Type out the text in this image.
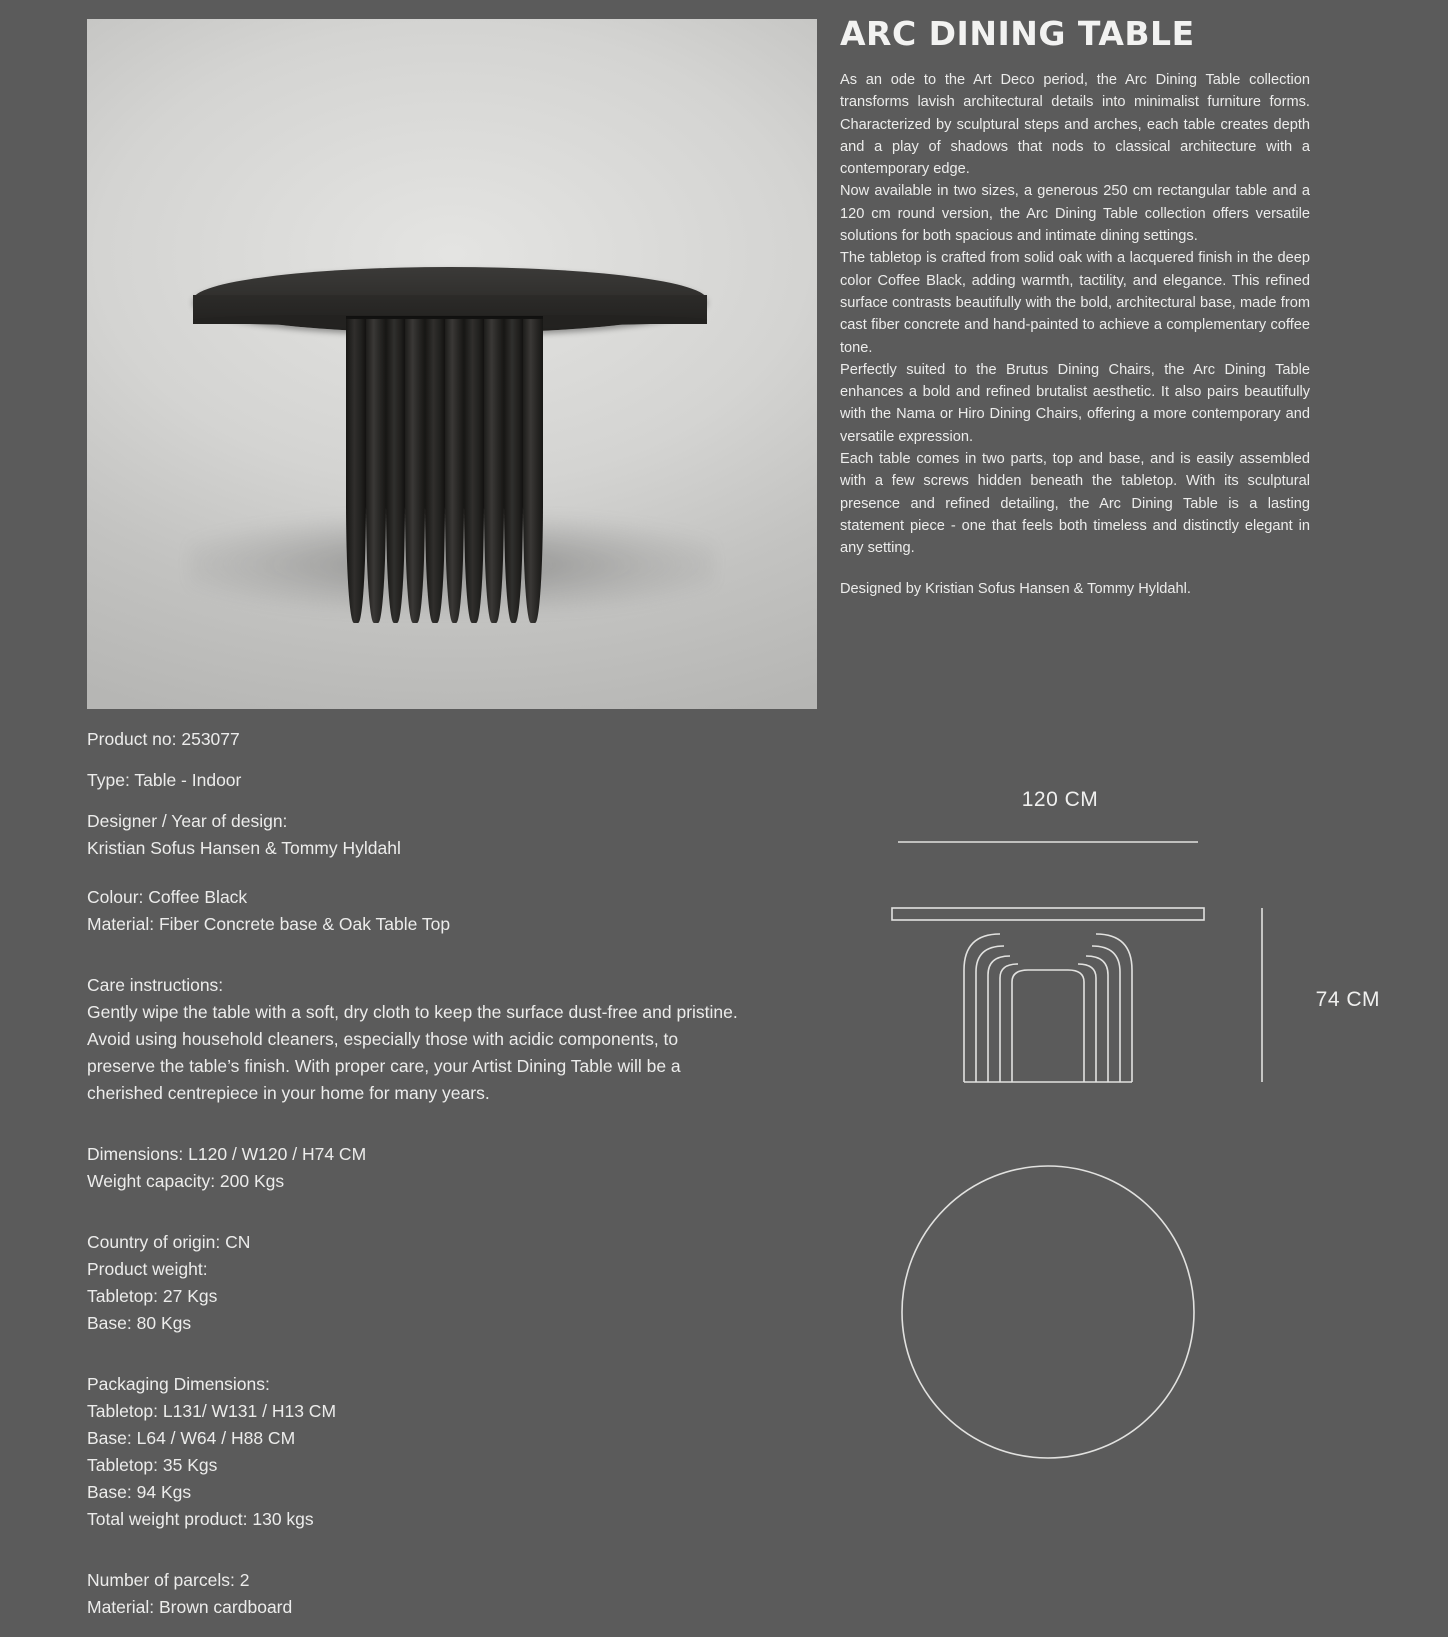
Product no: 253077

Type: Table - Indoor

Designer / Year of design:

Kristian Sofus Hansen & Tommy Hyldahl

Colour: Coffee Black

Material: Fiber Concrete base & Oak Table Top

Care instructions:

Gently wipe the table with a soft, dry cloth to keep the surface dust-free and pristine. Avoid using household cleaners, especially those with acidic components, to preserve the table’s finish. With proper care, your Artist Dining Table will be a cherished centrepiece in your home for many years.

Dimensions: L120 / W120 / H74 CM

Weight capacity: 200 Kgs

Country of origin: CN

Product weight:

Tabletop: 27 Kgs

Base: 80 Kgs

Packaging Dimensions:

Tabletop: L131/ W131 / H13 CM

Base: L64 / W64 / H88 CM

Tabletop: 35 Kgs

Base: 94 Kgs

Total weight product: 130 kgs

Number of parcels: 2

Material: Brown cardboard

ARC DINING TABLE

As an ode to the Art Deco period, the Arc Dining Table collection transforms lavish architectural details into minimalist furniture forms. Characterized by sculptural steps and arches, each table creates depth and a play of shadows that nods to classical architecture with a contemporary edge.

Now available in two sizes, a generous 250 cm rectangular table and a 120 cm round version, the Arc Dining Table collection offers versatile solutions for both spacious and intimate dining settings.

The tabletop is crafted from solid oak with a lacquered finish in the deep color Coffee Black, adding warmth, tactility, and elegance. This refined surface contrasts beautifully with the bold, architectural base, made from cast fiber concrete and hand-painted to achieve a complementary coffee tone.

Perfectly suited to the Brutus Dining Chairs, the Arc Dining Table enhances a bold and refined brutalist aesthetic. It also pairs beautifully with the Nama or Hiro Dining Chairs, offering a more contemporary and versatile expression.

Each table comes in two parts, top and base, and is easily assembled with a few screws hidden beneath the tabletop. With its sculptural presence and refined detailing, the Arc Dining Table is a lasting statement piece - one that feels both timeless and distinctly elegant in any setting.

Designed by Kristian Sofus Hansen & Tommy Hyldahl.

120 CM
74 CM
